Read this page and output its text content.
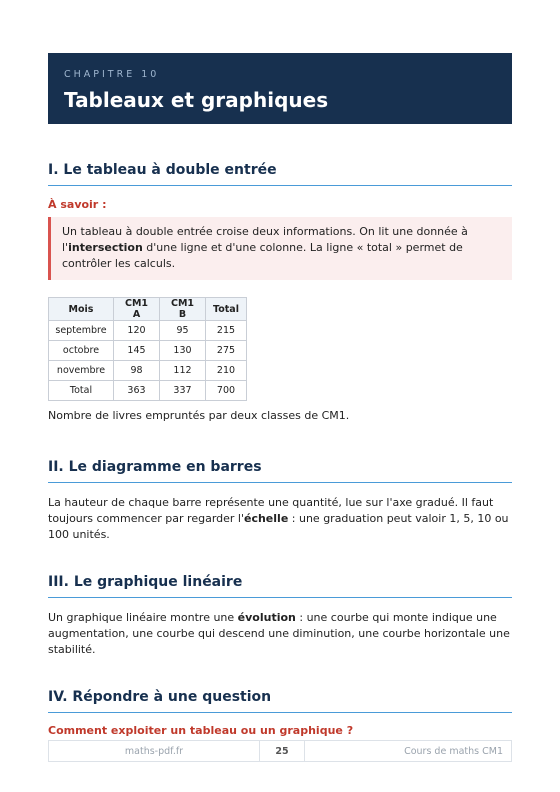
CHAPITRE 10
Tableaux et graphiques
I. Le tableau à double entrée
À savoir :
Un tableau à double entrée croise deux informations. On lit une donnée à l'intersection d'une ligne et d'une colonne. La ligne « total » permet de contrôler les calculs.
Mois	CM1 A	CM1 B	Total
septembre	120	95	215
octobre	145	130	275
novembre	98	112	210
Total	363	337	700
Nombre de livres empruntés par deux classes de CM1.
II. Le diagramme en barres

La hauteur de chaque barre représente une quantité, lue sur l'axe gradué. Il faut toujours commencer par regarder l'échelle : une graduation peut valoir 1, 5, 10 ou 100 unités.

III. Le graphique linéaire

Un graphique linéaire montre une évolution : une courbe qui monte indique une augmentation, une courbe qui descend une diminution, une courbe horizontale une stabilité.

IV. Répondre à une question
Comment exploiter un tableau ou un graphique ?
maths-pdf.fr	25	Cours de maths CM1
